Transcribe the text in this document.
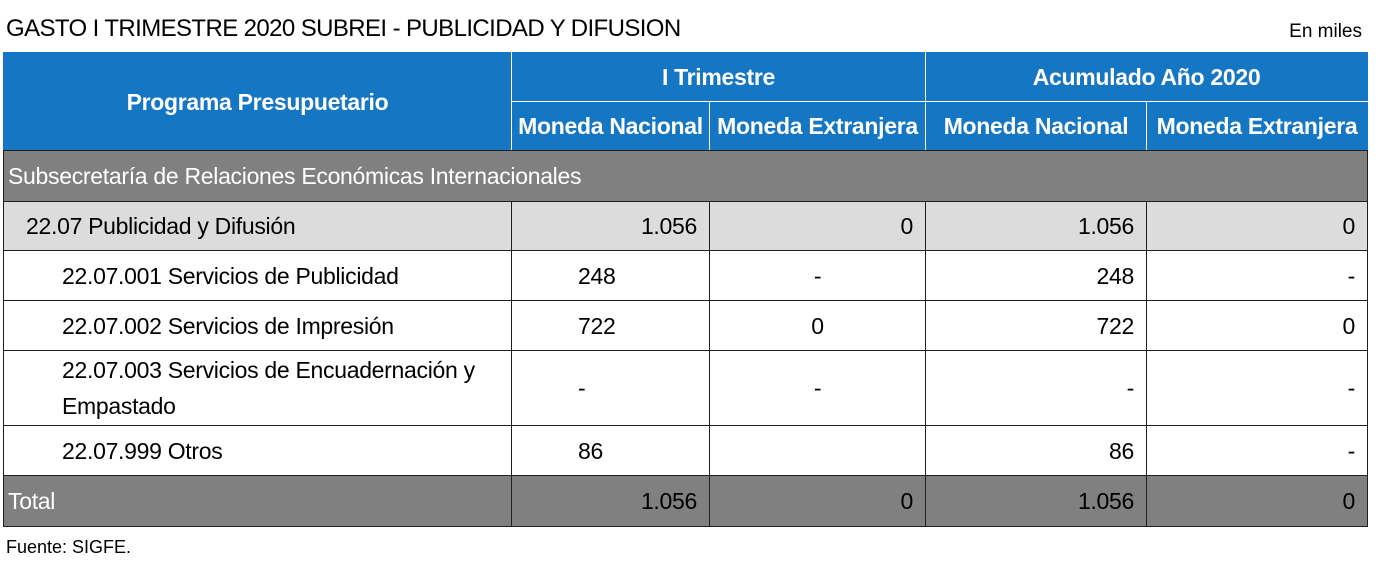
GASTO I TRIMESTRE 2020 SUBREI - PUBLICIDAD Y DIFUSION	En miles
Programa Presupuetario	I Trimestre		Acumulado Año 2020	
	Moneda Nacional	Moneda Extranjera	Moneda Nacional	Moneda Extranjera
Subsecretaría de Relaciones Económicas Internacionales				
22.07 Publicidad y Difusión	1.056	0	1.056	0
22.07.001 Servicios de Publicidad	248	-	248	-
22.07.002 Servicios de Impresión	722	0	722	0
22.07.003 Servicios de Encuadernación y Empastado	-	-	-	-
22.07.999 Otros	86		86	-
Total	1.056	0	1.056	0
Fuente: SIGFE.
